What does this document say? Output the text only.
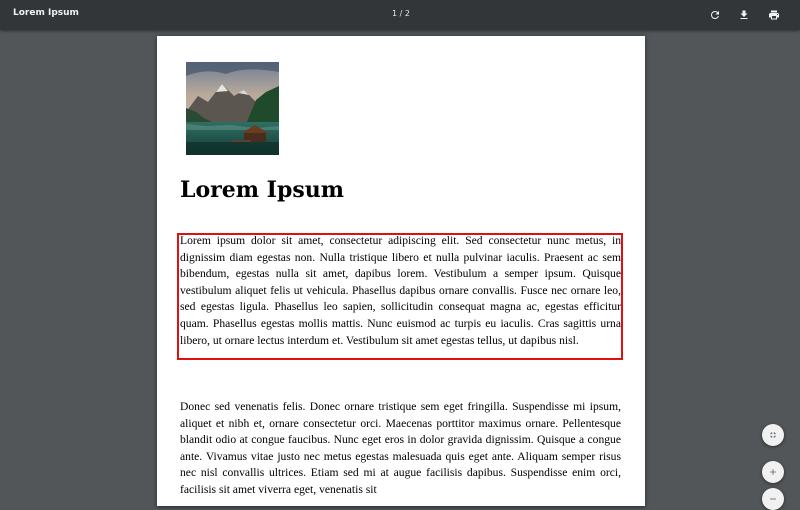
Lorem Ipsum	1 / 2
Lorem Ipsum

Lorem ipsum dolor sit amet, consectetur adipiscing elit. Sed consectetur nunc metus, in dignissim diam egestas non. Nulla tristique libero et nulla pulvinar iaculis. Praesent ac sem bibendum, egestas nulla sit amet, dapibus lorem. Vestibulum a semper ipsum. Quisque vestibulum aliquet felis ut vehicula. Phasellus dapibus ornare convallis. Fusce nec ornare leo, sed egestas ligula. Phasellus leo sapien, sollicitudin consequat magna ac, egestas efficitur quam. Phasellus egestas mollis mattis. Nunc euismod ac turpis eu iaculis. Cras sagittis urna libero, ut ornare lectus interdum et. Vestibulum sit amet egestas tellus, ut dapibus nisl.

Donec sed venenatis felis. Donec ornare tristique sem eget fringilla. Suspendisse mi ipsum, aliquet et nibh et, ornare consectetur orci. Maecenas porttitor maximus ornare. Pellentesque blandit odio at congue faucibus. Nunc eget eros in dolor gravida dignissim. Quisque a congue ante. Vivamus vitae justo nec metus egestas malesuada quis eget ante. Aliquam semper risus nec nisl convallis ultrices. Etiam sed mi at augue facilisis dapibus. Suspendisse enim orci, facilisis sit amet viverra eget, venenatis sit
